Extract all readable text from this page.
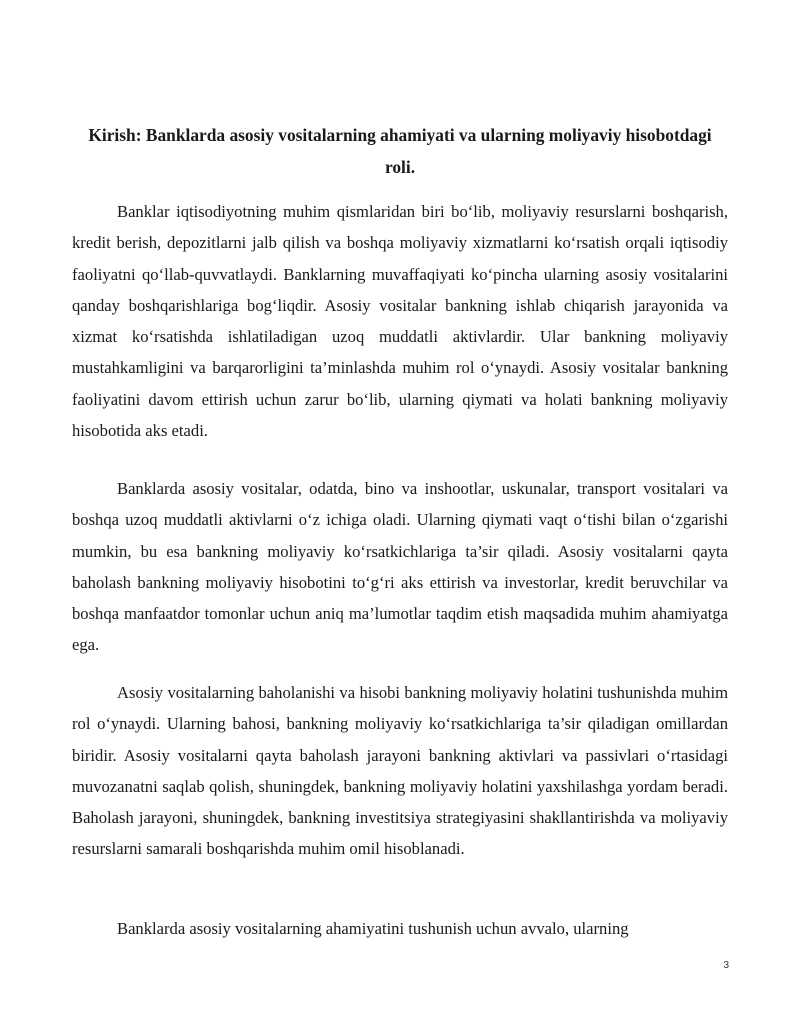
Kirish: Banklarda asosiy vositalarning ahamiyati va ularning moliyaviy hisobotdagi roli.

Banklar iqtisodiyotning muhim qismlaridan biri bo‘lib, moliyaviy resurslarni boshqarish, kredit berish, depozitlarni jalb qilish va boshqa moliyaviy xizmatlarni ko‘rsatish orqali iqtisodiy faoliyatni qo‘llab-quvvatlaydi. Banklarning muvaffaqiyati ko‘pincha ularning asosiy vositalarini qanday boshqarishlariga bog‘liqdir. Asosiy vositalar bankning ishlab chiqarish jarayonida va xizmat ko‘rsatishda ishlatiladigan uzoq muddatli aktivlardir. Ular bankning moliyaviy mustahkamligini va barqarorligini ta’minlashda muhim rol o‘ynaydi. Asosiy vositalar bankning faoliyatini davom ettirish uchun zarur bo‘lib, ularning qiymati va holati bankning moliyaviy hisobotida aks etadi.

Banklarda asosiy vositalar, odatda, bino va inshootlar, uskunalar, transport vositalari va boshqa uzoq muddatli aktivlarni o‘z ichiga oladi. Ularning qiymati vaqt o‘tishi bilan o‘zgarishi mumkin, bu esa bankning moliyaviy ko‘rsatkichlariga ta’sir qiladi. Asosiy vositalarni qayta baholash bankning moliyaviy hisobotini to‘g‘ri aks ettirish va investorlar, kredit beruvchilar va boshqa manfaatdor tomonlar uchun aniq ma’lumotlar taqdim etish maqsadida muhim ahamiyatga ega.

Asosiy vositalarning baholanishi va hisobi bankning moliyaviy holatini tushunishda muhim rol o‘ynaydi. Ularning bahosi, bankning moliyaviy ko‘rsatkichlariga ta’sir qiladigan omillardan biridir. Asosiy vositalarni qayta baholash jarayoni bankning aktivlari va passivlari o‘rtasidagi muvozanatni saqlab qolish, shuningdek, bankning moliyaviy holatini yaxshilashga yordam beradi. Baholash jarayoni, shuningdek, bankning investitsiya strategiyasini shakllantirishda va moliyaviy resurslarni samarali boshqarishda muhim omil hisoblanadi.

Banklarda asosiy vositalarning ahamiyatini tushunish uchun avvalo, ularning

3
